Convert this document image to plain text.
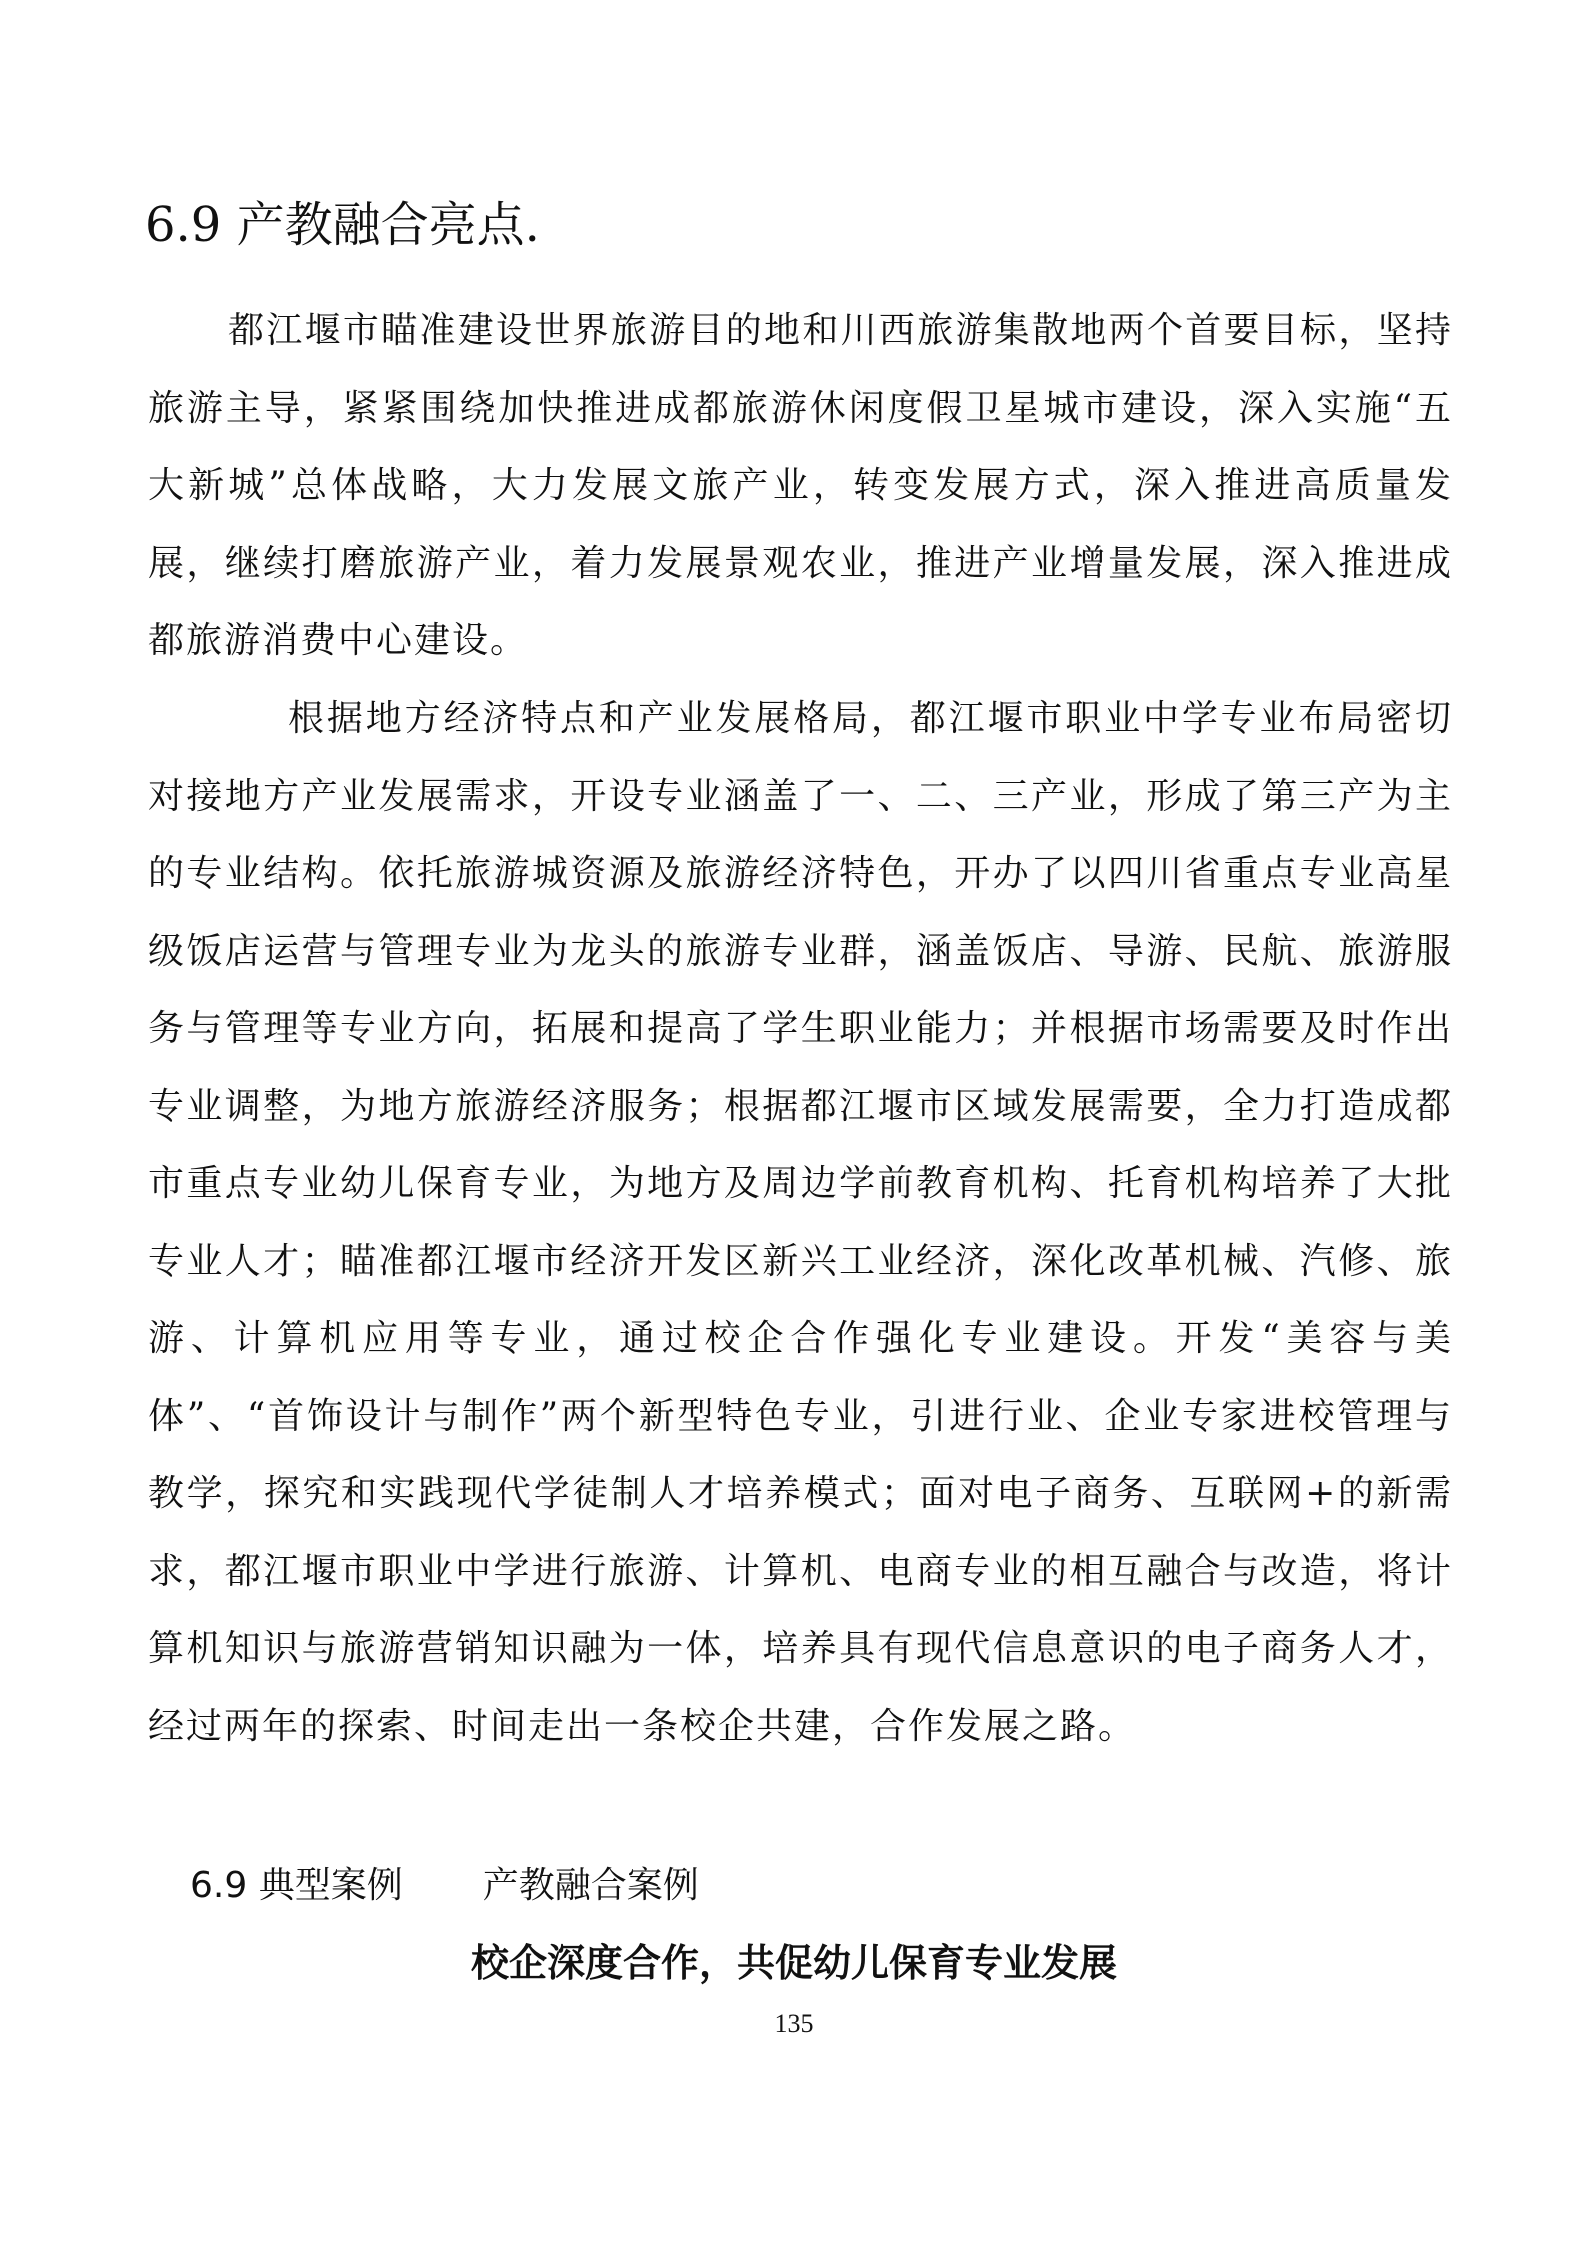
6.9 产教融合亮点.

都江堰市瞄准建设世界旅游目的地和川西旅游集散地两个首要目标，坚持旅游主导，紧紧围绕加快推进成都旅游休闲度假卫星城市建设，深入实施“五大新城”总体战略，大力发展文旅产业，转变发展方式，深入推进高质量发展，继续打磨旅游产业，着力发展景观农业，推进产业增量发展，深入推进成都旅游消费中心建设。

根据地方经济特点和产业发展格局，都江堰市职业中学专业布局密切对接地方产业发展需求，开设专业涵盖了一、二、三产业，形成了第三产为主的专业结构。依托旅游城资源及旅游经济特色，开办了以四川省重点专业高星级饭店运营与管理专业为龙头的旅游专业群，涵盖饭店、导游、民航、旅游服务与管理等专业方向，拓展和提高了学生职业能力；并根据市场需要及时作出专业调整，为地方旅游经济服务；根据都江堰市区域发展需要，全力打造成都市重点专业幼儿保育专业，为地方及周边学前教育机构、托育机构培养了大批专业人才；瞄准都江堰市经济开发区新兴工业经济，深化改革机械、汽修、旅游、计算机应用等专业，通过校企合作强化专业建设。开发“美容与美体”、“首饰设计与制作”两个新型特色专业，引进行业、企业专家进校管理与教学，探究和实践现代学徒制人才培养模式；面对电子商务、互联网+的新需求，都江堰市职业中学进行旅游、计算机、电商专业的相互融合与改造，将计算机知识与旅游营销知识融为一体，培养具有现代信息意识的电子商务人才，经过两年的探索、时间走出一条校企共建，合作发展之路。

6.9 典型案例 产教融合案例
校企深度合作，共促幼儿保育专业发展
135
